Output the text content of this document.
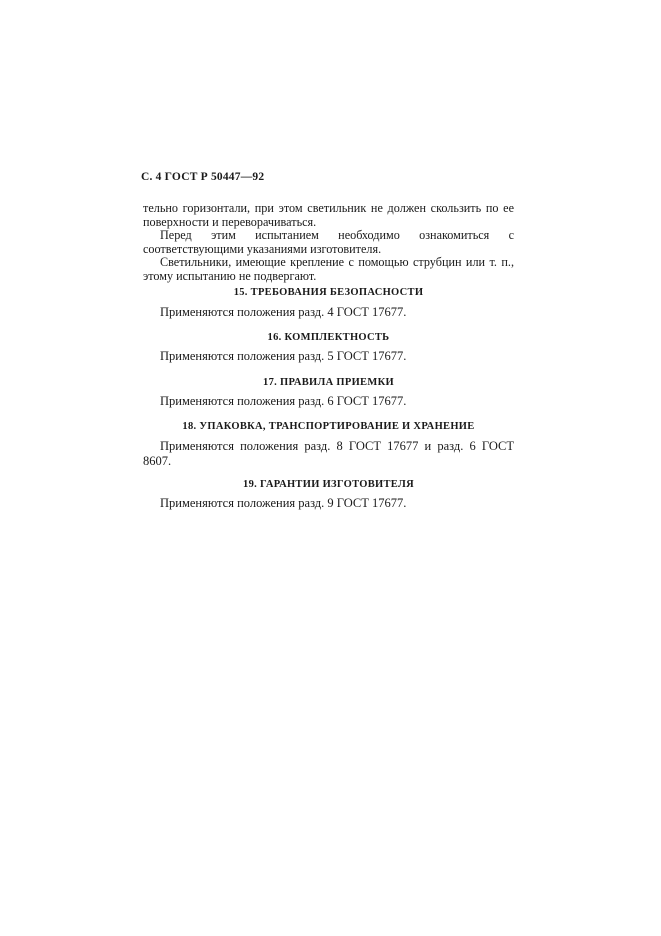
С. 4 ГОСТ Р 50447—92

тельно горизонтали, при этом светильник не должен скользить по ее поверхности и переворачиваться.

Перед этим испытанием необходимо ознакомиться с соответствующими указаниями изготовителя.

Светильники, имеющие крепление с помощью струбцин или т. п., этому испытанию не подвергают.

15. ТРЕБОВАНИЯ БЕЗОПАСНОСТИ

Применяются положения разд. 4 ГОСТ 17677.

16. КОМПЛЕКТНОСТЬ

Применяются положения разд. 5 ГОСТ 17677.

17. ПРАВИЛА ПРИЕМКИ

Применяются положения разд. 6 ГОСТ 17677.

18. УПАКОВКА, ТРАНСПОРТИРОВАНИЕ И ХРАНЕНИЕ

Применяются положения разд. 8 ГОСТ 17677 и разд. 6 ГОСТ 8607.

19. ГАРАНТИИ ИЗГОТОВИТЕЛЯ

Применяются положения разд. 9 ГОСТ 17677.
